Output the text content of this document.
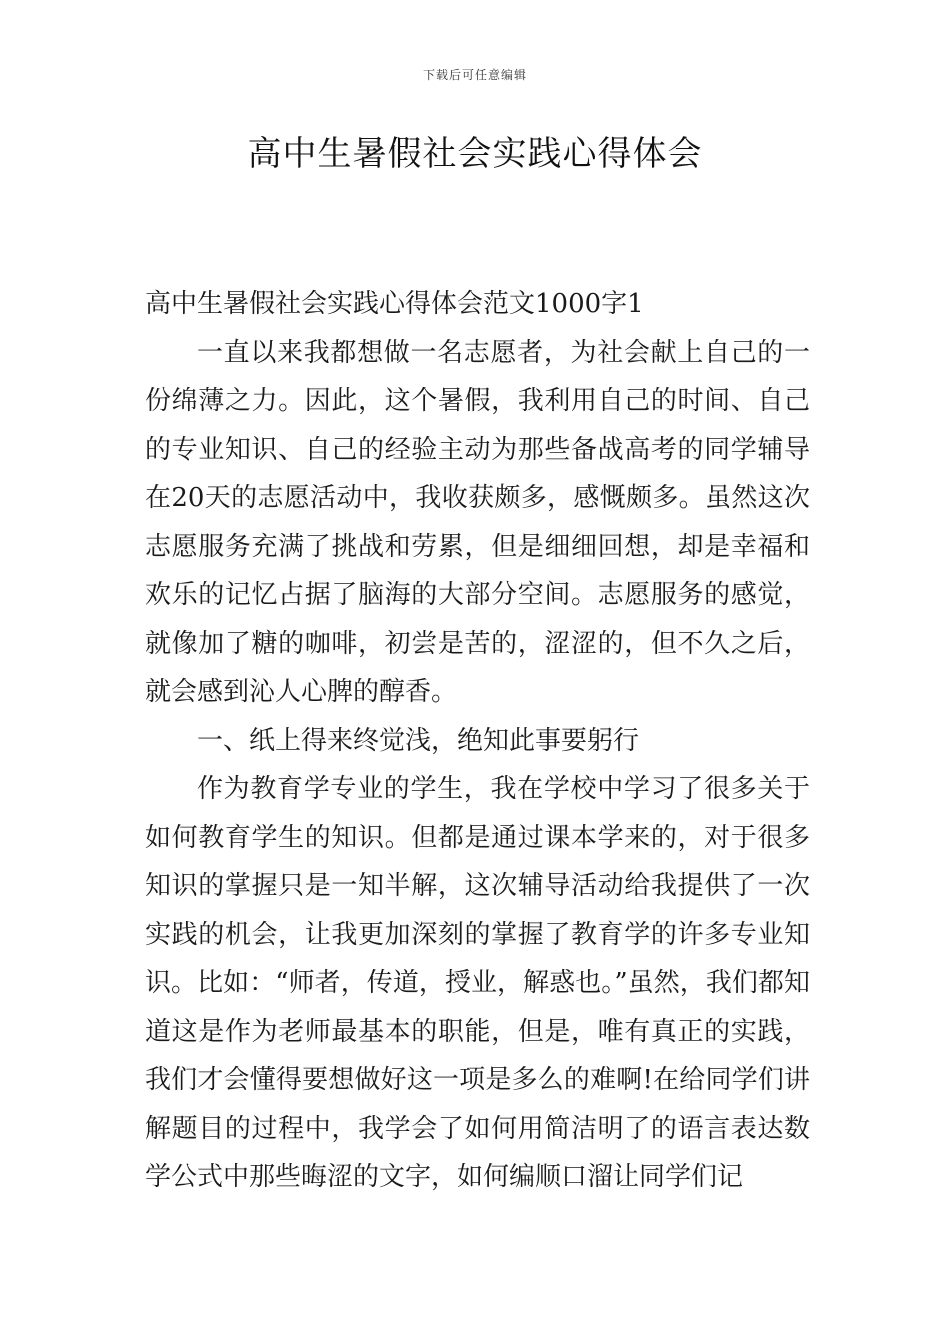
下载后可任意编辑
高中生暑假社会实践心得体会

高中生暑假社会实践心得体会范文1000字1

一直以来我都想做一名志愿者，为社会献上自己的一份绵薄之力。因此，这个暑假，我利用自己的时间、自己的专业知识、自己的经验主动为那些备战高考的同学辅导在20天的志愿活动中，我收获颇多，感慨颇多。虽然这次志愿服务充满了挑战和劳累，但是细细回想，却是幸福和欢乐的记忆占据了脑海的大部分空间。志愿服务的感觉，就像加了糖的咖啡，初尝是苦的，涩涩的，但不久之后，就会感到沁人心脾的醇香。

一、纸上得来终觉浅，绝知此事要躬行

作为教育学专业的学生，我在学校中学习了很多关于如何教育学生的知识。但都是通过课本学来的，对于很多知识的掌握只是一知半解，这次辅导活动给我提供了一次实践的机会，让我更加深刻的掌握了教育学的许多专业知识。比如：“师者，传道，授业，解惑也。”虽然，我们都知道这是作为老师最基本的职能，但是，唯有真正的实践，我们才会懂得要想做好这一项是多么的难啊!在给同学们讲解题目的过程中，我学会了如何用简洁明了的语言表达数学公式中那些晦涩的文字，如何编顺口溜让同学们记
